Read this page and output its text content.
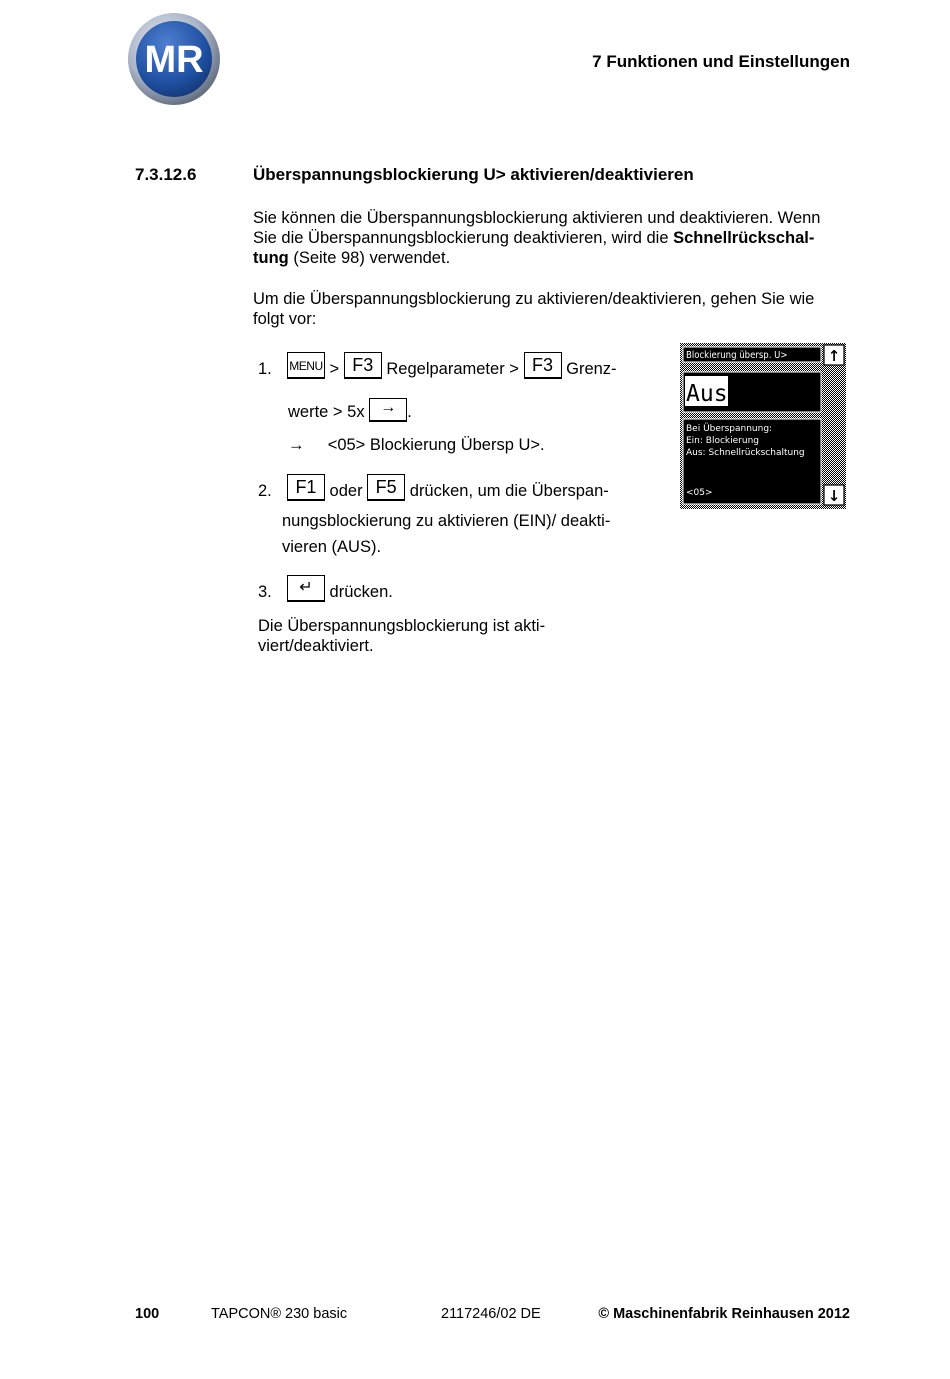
MR	7 Funktionen und Einstellungen
7.3.12.6	Überspannungsblockierung U> aktivieren/deaktivieren
Sie können die Überspannungsblockierung aktivieren und deaktivieren. Wenn
Sie die Überspannungsblockierung deaktivieren, wird die Schnellrückschal-
tung (Seite 98) verwendet.
Um die Überspannungsblockierung zu aktivieren/deaktivieren, gehen Sie wie
folgt vor:
1. MENU > F3 Regelparameter > F3 Grenz-
werte > 5x → .
→ <05> Blockierung Übersp U>.
2. F1 oder F5 drücken, um die Überspan-
nungsblockierung zu aktivieren (EIN)/ deakti-
vieren (AUS).
3. ↵ drücken.
Die Überspannungsblockierung ist akti-
viert/deaktiviert.
Blockierung übersp. U>	↑
Aus
Bei Überspannung:
Ein: Blockierung
Aus: Schnellrückschaltung
<05>	↓
100	TAPCON® 230 basic	2117246/02 DE	© Maschinenfabrik Reinhausen 2012
